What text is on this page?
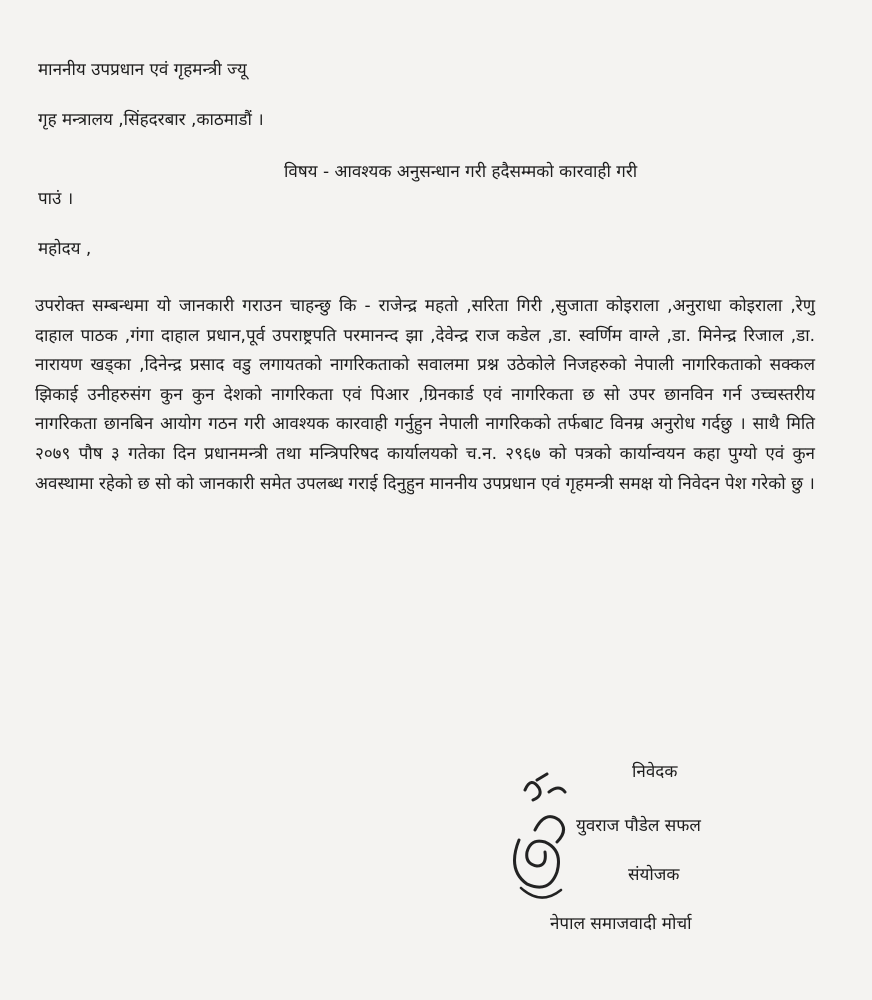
माननीय उपप्रधान एवं गृहमन्त्री ज्यू
गृह मन्त्रालय ,सिंहदरबार ,काठमाडौं ।
विषय - आवश्यक अनुसन्धान गरी हदैसम्मको कारवाही गरी
पाउं ।
महोदय ,
उपरोक्त सम्बन्धमा यो जानकारी गराउन चाहन्छु कि - राजेन्द्र महतो ,सरिता गिरी ,सुजाता कोइराला ,अनुराधा कोइराला ,रेणु दाहाल पाठक ,गंगा दाहाल प्रधान,पूर्व उपराष्ट्रपति परमानन्द झा ,देवेन्द्र राज कडेल ,डा. स्वर्णिम वाग्ले ,डा. मिनेन्द्र रिजाल ,डा. नारायण खड्का ,दिनेन्द्र प्रसाद वडु लगायतको नागरिकताको सवालमा प्रश्न उठेकोले निजहरुको नेपाली नागरिकताको सक्कल झिकाई उनीहरुसंग कुन कुन देशको नागरिकता एवं पिआर ,ग्रिनकार्ड एवं नागरिकता छ सो उपर छानविन गर्न उच्चस्तरीय नागरिकता छानबिन आयोग गठन गरी आवश्यक कारवाही गर्नुहुन नेपाली नागरिकको तर्फबाट विनम्र अनुरोध गर्दछु । साथै मिति २०७९ पौष ३ गतेका दिन प्रधानमन्त्री तथा मन्त्रिपरिषद कार्यालयको च.न. २९६७ को पत्रको कार्यान्वयन कहा पुग्यो एवं कुन अवस्थामा रहेको छ सो को जानकारी समेत उपलब्ध गराई दिनुहुन माननीय उपप्रधान एवं गृहमन्त्री समक्ष यो निवेदन पेश गरेको छु ।
निवेदक
युवराज पौडेल सफल
संयोजक
नेपाल समाजवादी मोर्चा
